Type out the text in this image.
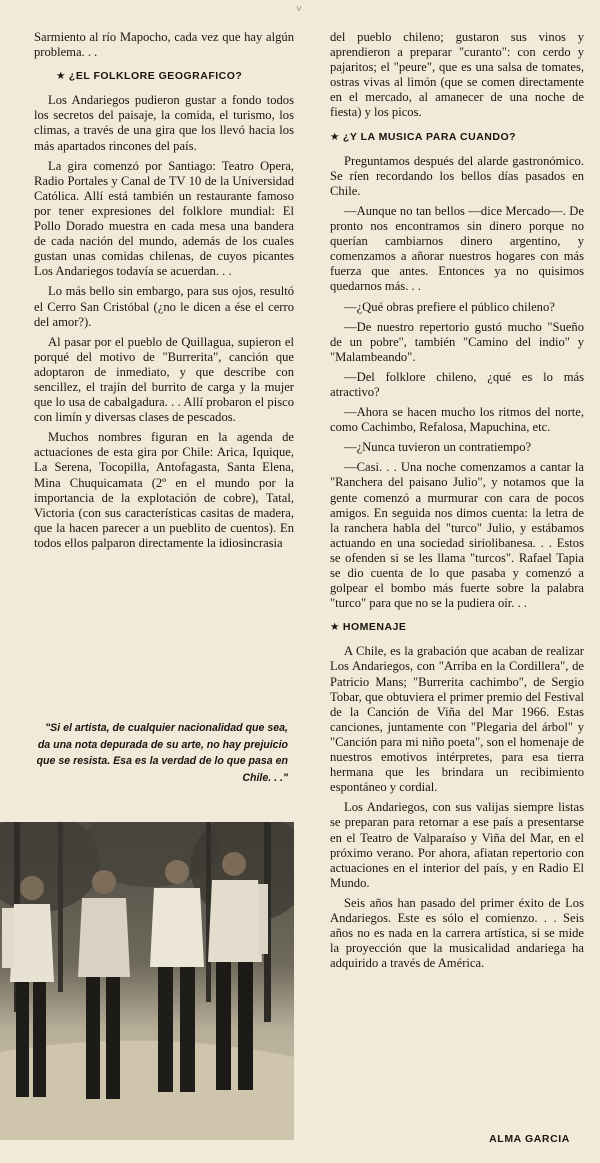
˅

Sarmiento al río Mapocho, cada vez que hay algún problema. . .

★ ¿EL FOLKLORE GEOGRAFICO?

Los Andariegos pudieron gustar a fondo todos los secretos del paisaje, la comida, el turismo, los climas, a través de una gira que los llevó hacia los más apartados rincones del país.

La gira comenzó por Santiago: Teatro Opera, Radio Portales y Canal de TV 10 de la Universidad Católica. Allí está también un restaurante famoso por tener expresiones del folklore mundial: El Pollo Dorado muestra en cada mesa una bandera de cada nación del mundo, además de los cuales gustan unas comidas chilenas, de cuyos picantes Los Andariegos todavía se acuerdan. . .

Lo más bello sin embargo, para sus ojos, resultó el Cerro San Cristóbal (¿no le dicen a ése el cerro del amor?).

Al pasar por el pueblo de Quillagua, supieron el porqué del motivo de "Burrerita", canción que adoptaron de inmediato, y que describe con sencillez, el trajín del burrito de carga y la mujer que lo usa de cabalgadura. . . Allí probaron el pisco con limín y diversas clases de pescados.

Muchos nombres figuran en la agenda de actuaciones de esta gira por Chile: Arica, Iquique, La Serena, Tocopilla, Antofagasta, Santa Elena, Mina Chuquicamata (2º en el mundo por la importancia de la explotación de cobre), Tatal, Victoria (con sus características casitas de madera, que la hacen parecer a un pueblito de cuentos). En todos ellos palparon directamente la idiosincrasia

"Si el artista, de cualquier nacionalidad que sea, da una nota depurada de su arte, no hay prejuicio que se resista. Esa es la verdad de lo que pasa en Chile. . ."

del pueblo chileno; gustaron sus vinos y aprendieron a preparar "curanto": con cerdo y pajaritos; el "peure", que es una salsa de tomates, ostras vivas al limón (que se comen directamente en el mercado, al amanecer de una noche de fiesta) y los picos.

★ ¿Y LA MUSICA PARA CUANDO?

Preguntamos después del alarde gastronómico. Se ríen recordando los bellos días pasados en Chile.

—Aunque no tan bellos —dice Mercado—. De pronto nos encontramos sin dinero porque no querían cambiarnos dinero argentino, y comenzamos a añorar nuestros hogares con más fuerza que antes. Entonces ya no quisimos quedarnos más. . .

—¿Qué obras prefiere el público chileno?

—De nuestro repertorio gustó mucho "Sueño de un pobre", también "Camino del indio" y "Malambeando".

—Del folklore chileno, ¿qué es lo más atractivo?

—Ahora se hacen mucho los ritmos del norte, como Cachimbo, Refalosa, Mapuchina, etc.

—¿Nunca tuvieron un contratiempo?

—Casi. . . Una noche comenzamos a cantar la "Ranchera del paisano Julio", y notamos que la gente comenzó a murmurar con cara de pocos amigos. En seguida nos dimos cuenta: la letra de la ranchera habla del "turco" Julio, y estábamos actuando en una sociedad siriolibanesa. . . Estos se ofenden si se les llama "turcos". Rafael Tapia se dio cuenta de lo que pasaba y comenzó a golpear el bombo más fuerte sobre la palabra "turco" para que no se la pudiera oír. . .

★ HOMENAJE

A Chile, es la grabación que acaban de realizar Los Andariegos, con "Arriba en la Cordillera", de Patricio Mans; "Burrerita cachimbo", de Sergio Tobar, que obtuviera el primer premio del Festival de la Canción de Viña del Mar 1966. Estas canciones, juntamente con "Plegaria del árbol" y "Canción para mi niño poeta", son el homenaje de nuestros emotivos intérpretes, para esa tierra hermana que les brindara un recibimiento espontáneo y cordial.

Los Andariegos, con sus valijas siempre listas se preparan para retornar a ese país a presentarse en el Teatro de Valparaíso y Viña del Mar, en el próximo verano. Por ahora, afiatan repertorio con actuaciones en el interior del país, y en Radio El Mundo.

Seis años han pasado del primer éxito de Los Andariegos. Este es sólo el comienzo. . . Seis años no es nada en la carrera artística, si se mide la proyección que la musicalidad andariega ha adquirido a través de América.

ALMA GARCIA
